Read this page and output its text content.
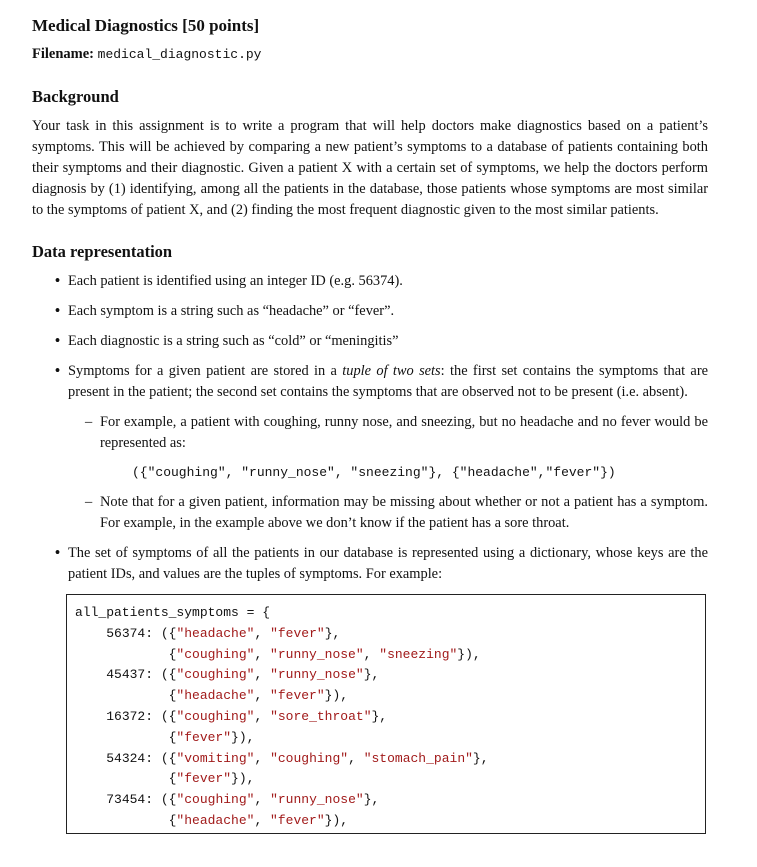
Medical Diagnostics [50 points]
Filename: medical_diagnostic.py
Background

Your task in this assignment is to write a program that will help doctors make diagnostics based on a patient’s symptoms. This will be achieved by comparing a new patient’s symptoms to a database of patients containing both their symptoms and their diagnostic. Given a patient X with a certain set of symptoms, we help the doctors perform diagnosis by (1) identifying, among all the patients in the database, those patients whose symptoms are most similar to the symptoms of patient X, and (2) finding the most frequent diagnostic given to the most similar patients.

Data representation
• Each patient is identified using an integer ID (e.g. 56374).
• Each symptom is a string such as “headache” or “fever”.
• Each diagnostic is a string such as “cold” or “meningitis”
• Symptoms for a given patient are stored in a tuple of two sets: the first set contains the symptoms that are present in the patient; the second set contains the symptoms that are observed not to be present (i.e. absent).
– For example, a patient with coughing, runny nose, and sneezing, but no headache and no fever would be represented as:
({"coughing", "runny_nose", "sneezing"}, {"headache","fever"})
– Note that for a given patient, information may be missing about whether or not a patient has a symptom. For example, in the example above we don’t know if the patient has a sore throat.
• The set of symptoms of all the patients in our database is represented using a dictionary, whose keys are the patient IDs, and values are the tuples of symptoms. For example:
all_patients_symptoms = {
56374: ({"headache", "fever"},
{"coughing", "runny_nose", "sneezing"}),
45437: ({"coughing", "runny_nose"},
{"headache", "fever"}),
16372: ({"coughing", "sore_throat"},
{"fever"}),
54324: ({"vomiting", "coughing", "stomach_pain"},
{"fever"}),
73454: ({"coughing", "runny_nose"},
{"headache", "fever"}),
